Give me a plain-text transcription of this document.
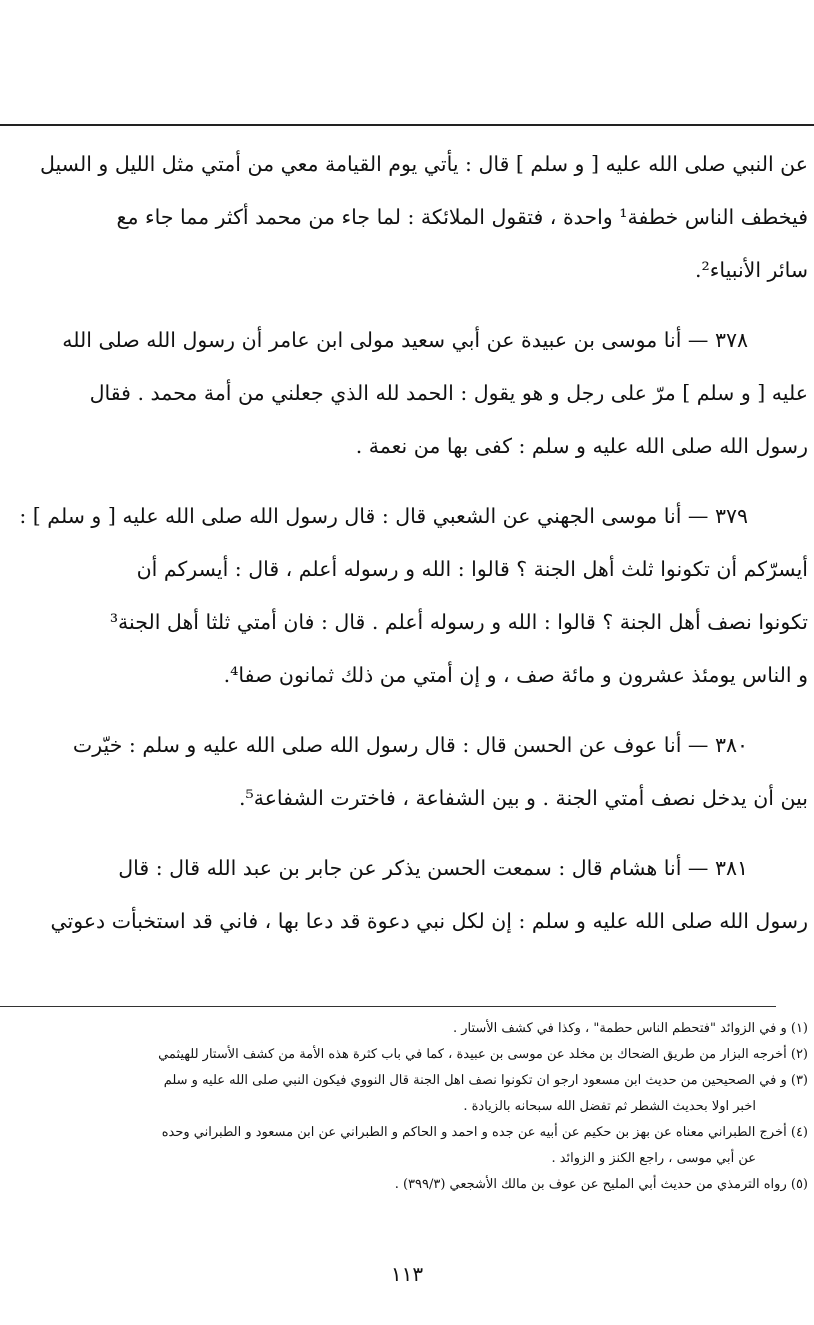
عن النبي صلى الله عليه [ و سلم ] قال : يأتي يوم القيامة معي من أمتي مثل الليل و السيل
فيخطف الناس خطفة¹ واحدة ، فتقول الملائكة : لما جاء من محمد أكثر مما جاء مع
سائر الأنبياء².
٣٧٨ — أنا موسى بن عبيدة عن أبي سعيد مولى ابن عامر أن رسول الله صلى الله
عليه [ و سلم ] مرّ على رجل و هو يقول : الحمد لله الذي جعلني من أمة محمد . فقال
رسول الله صلى الله عليه و سلم : كفى بها من نعمة .
٣٧٩ — أنا موسى الجهني عن الشعبي قال : قال رسول الله صلى الله عليه [ و سلم ] :
أيسرّكم أن تكونوا ثلث أهل الجنة ؟ قالوا : الله و رسوله أعلم ، قال : أيسركم أن
تكونوا نصف أهل الجنة ؟ قالوا : الله و رسوله أعلم . قال : فان أمتي ثلثا أهل الجنة³
و الناس يومئذ عشرون و مائة صف ، و إن أمتي من ذلك ثمانون صفا⁴.
٣٨٠ — أنا عوف عن الحسن قال : قال رسول الله صلى الله عليه و سلم : خيّرت
بين أن يدخل نصف أمتي الجنة . و بين الشفاعة ، فاخترت الشفاعة⁵.
٣٨١ — أنا هشام قال : سمعت الحسن يذكر عن جابر بن عبد الله قال : قال
رسول الله صلى الله عليه و سلم : إن لكل نبي دعوة قد دعا بها ، فاني قد استخبأت دعوتي
(١) و في الزوائد "فتحطم الناس حطمة" ، وكذا في كشف الأستار .
(٢) أخرجه البزار من طريق الضحاك بن مخلد عن موسى بن عبيدة ، كما في باب كثرة هذه الأمة من كشف الأستار للهيثمي
(٣) و في الصحيحين من حديث ابن مسعود ارجو ان تكونوا نصف اهل الجنة قال النووي فيكون النبي صلى الله عليه و سلم
اخبر اولا بحديث الشطر ثم تفضل الله سبحانه بالزيادة .
(٤) أخرج الطبراني معناه عن بهز بن حكيم عن أبيه عن جده و احمد و الحاكم و الطبراني عن ابن مسعود و الطبراني وحده
عن أبي موسى ، راجع الكنز و الزوائد .
(٥) رواه الترمذي من حديث أبي المليح عن عوف بن مالك الأشجعي (٣٩٩/٣) .
١١٣
